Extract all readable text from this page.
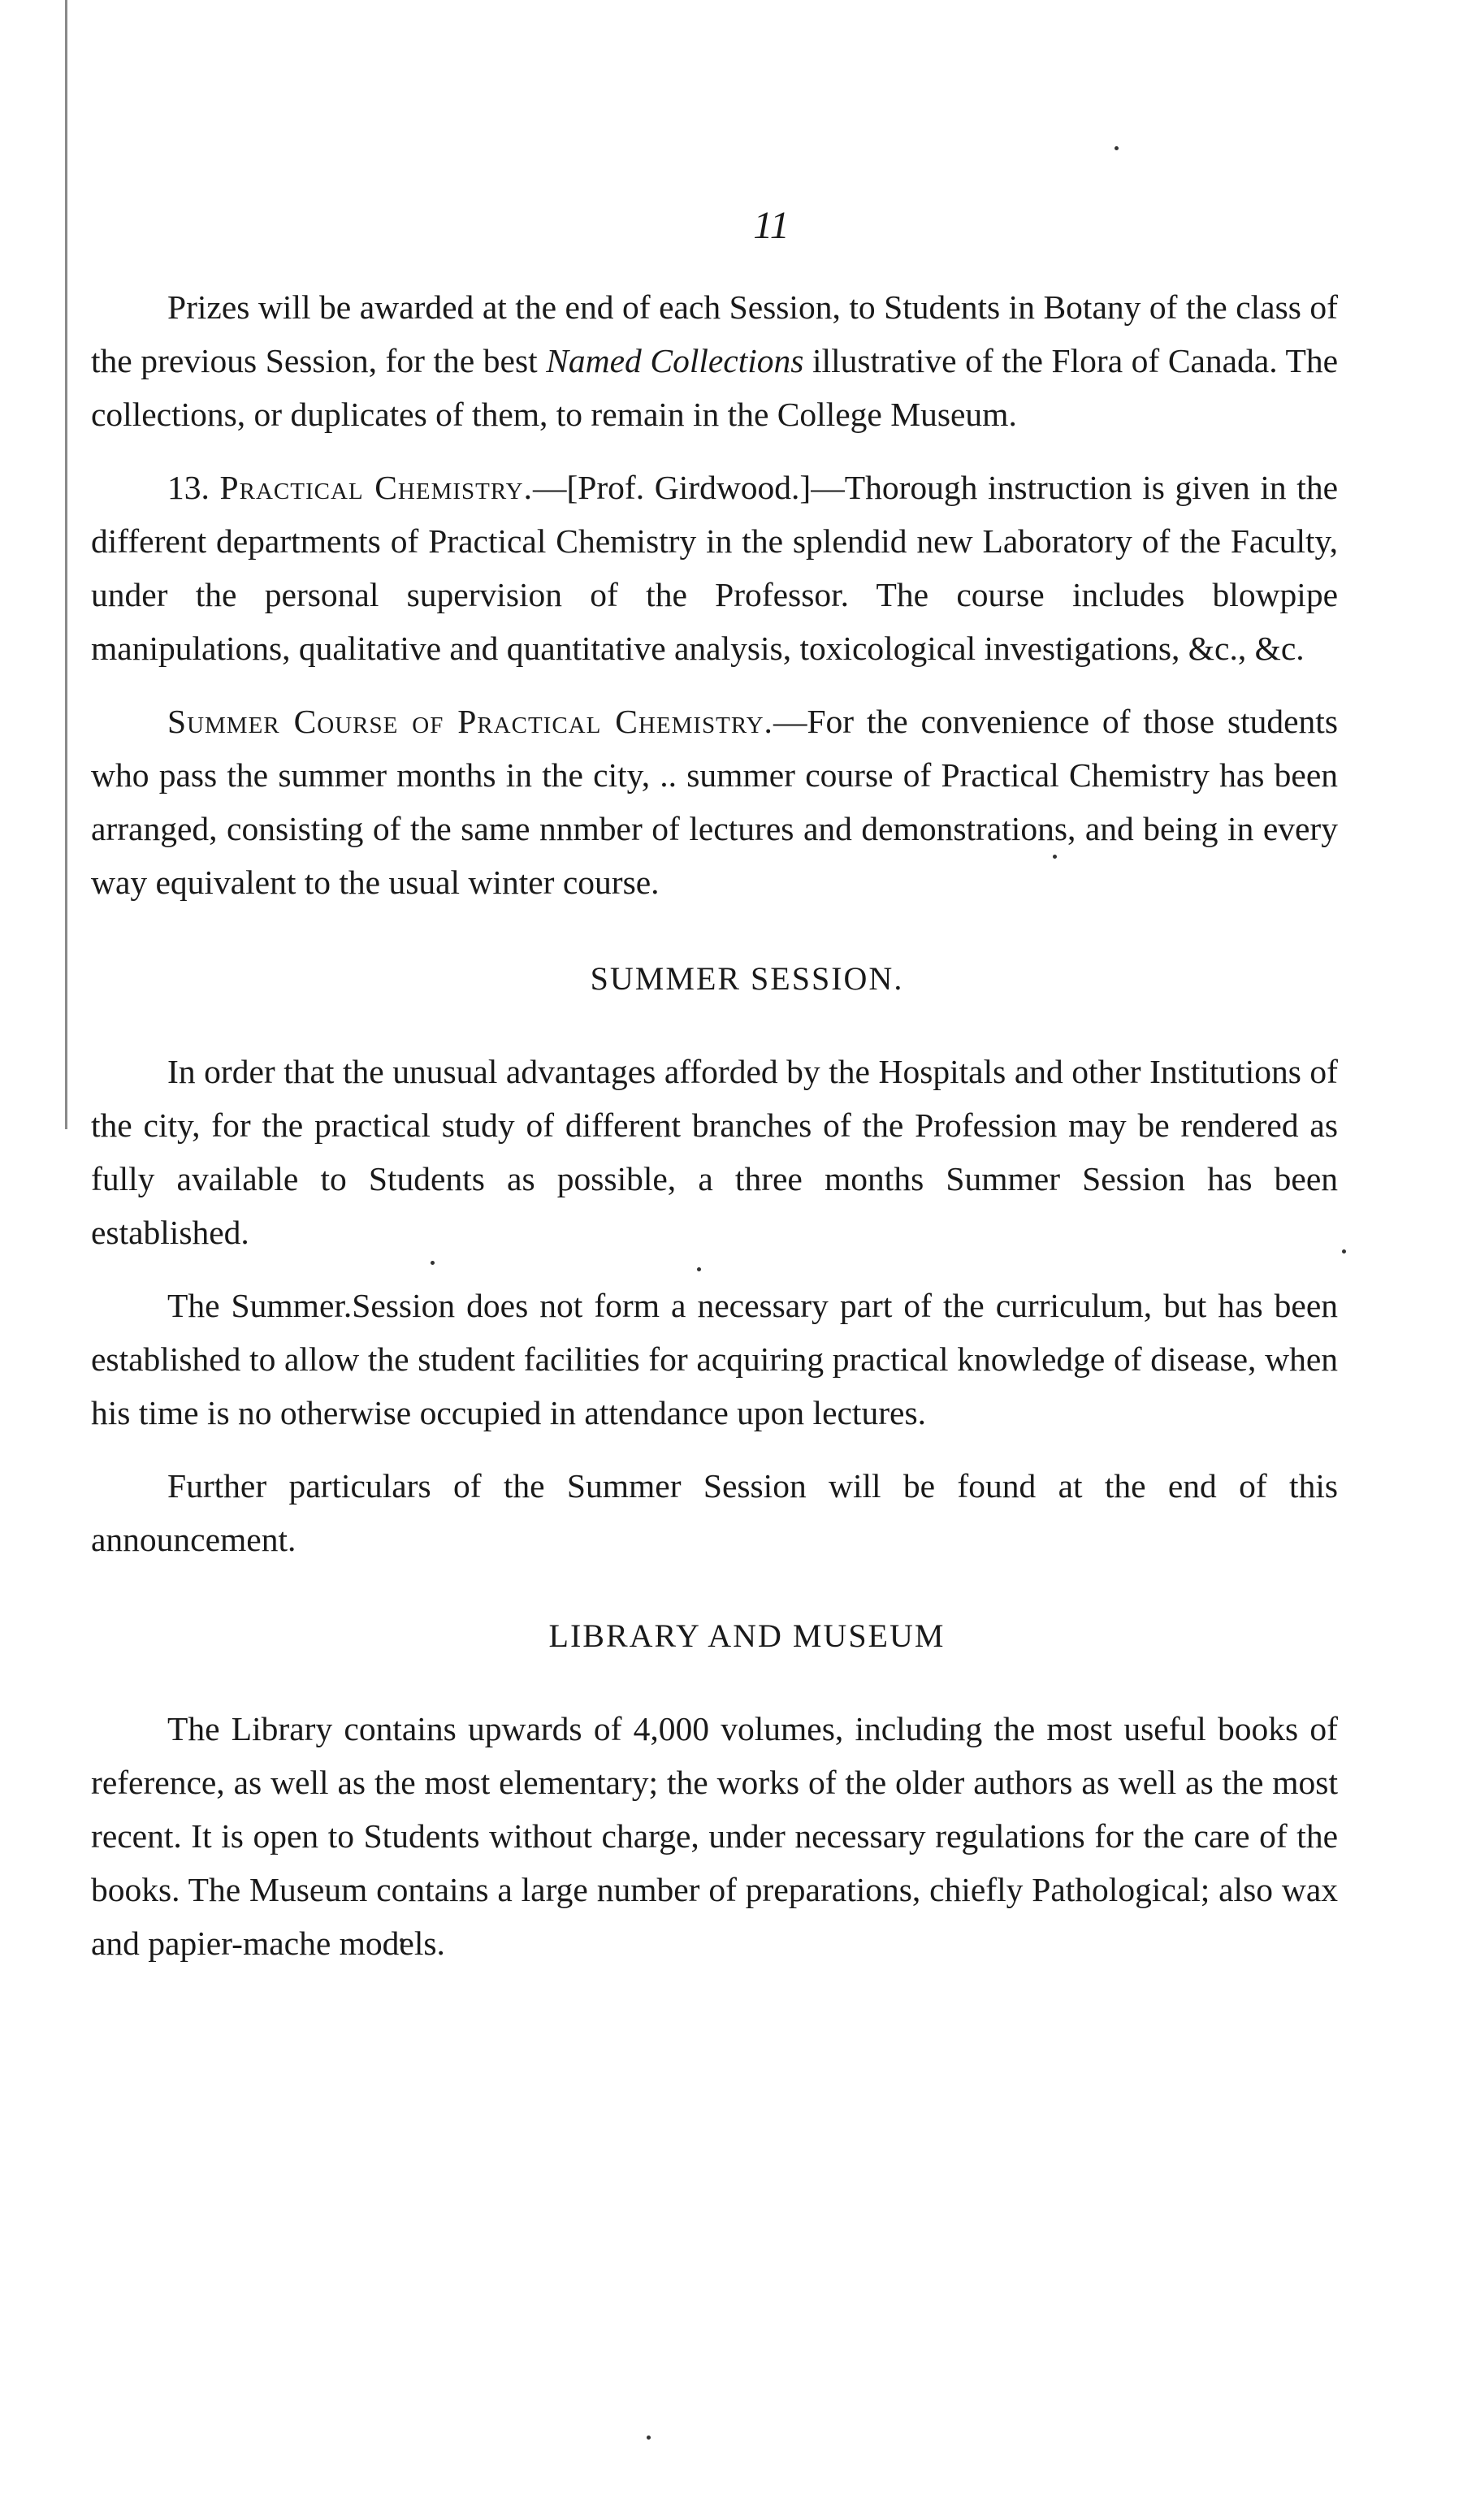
11

Prizes will be awarded at the end of each Session, to Students in Botany of the class of the previous Session, for the best Named Collections illustrative of the Flora of Canada. The collections, or duplicates of them, to remain in the College Museum.

13. Practical Chemistry.—[Prof. Girdwood.]—Thorough instruction is given in the different departments of Practical Chemistry in the splendid new Laboratory of the Faculty, under the personal supervision of the Professor. The course includes blowpipe manipulations, qualitative and quantitative analysis, toxicological investigations, &c., &c.

Summer Course of Practical Chemistry.—For the convenience of those students who pass the summer months in the city, .. summer course of Practical Chemistry has been arranged, consisting of the same nnmber of lectures and demonstrations, and being in every way equivalent to the usual winter course.

SUMMER SESSION.

In order that the unusual advantages afforded by the Hospitals and other Institutions of the city, for the practical study of different branches of the Profession may be rendered as fully available to Students as possible, a three months Summer Session has been established.

The Summer.Session does not form a necessary part of the curriculum, but has been established to allow the student facilities for acquiring practical knowledge of disease, when his time is no otherwise occupied in attendance upon lectures.

Further particulars of the Summer Session will be found at the end of this announcement.

LIBRARY AND MUSEUM

The Library contains upwards of 4,000 volumes, including the most useful books of reference, as well as the most elementary; the works of the older authors as well as the most recent. It is open to Students without charge, under necessary regulations for the care of the books. The Museum contains a large number of preparations, chiefly Pathological; also wax and papier-mache models.
